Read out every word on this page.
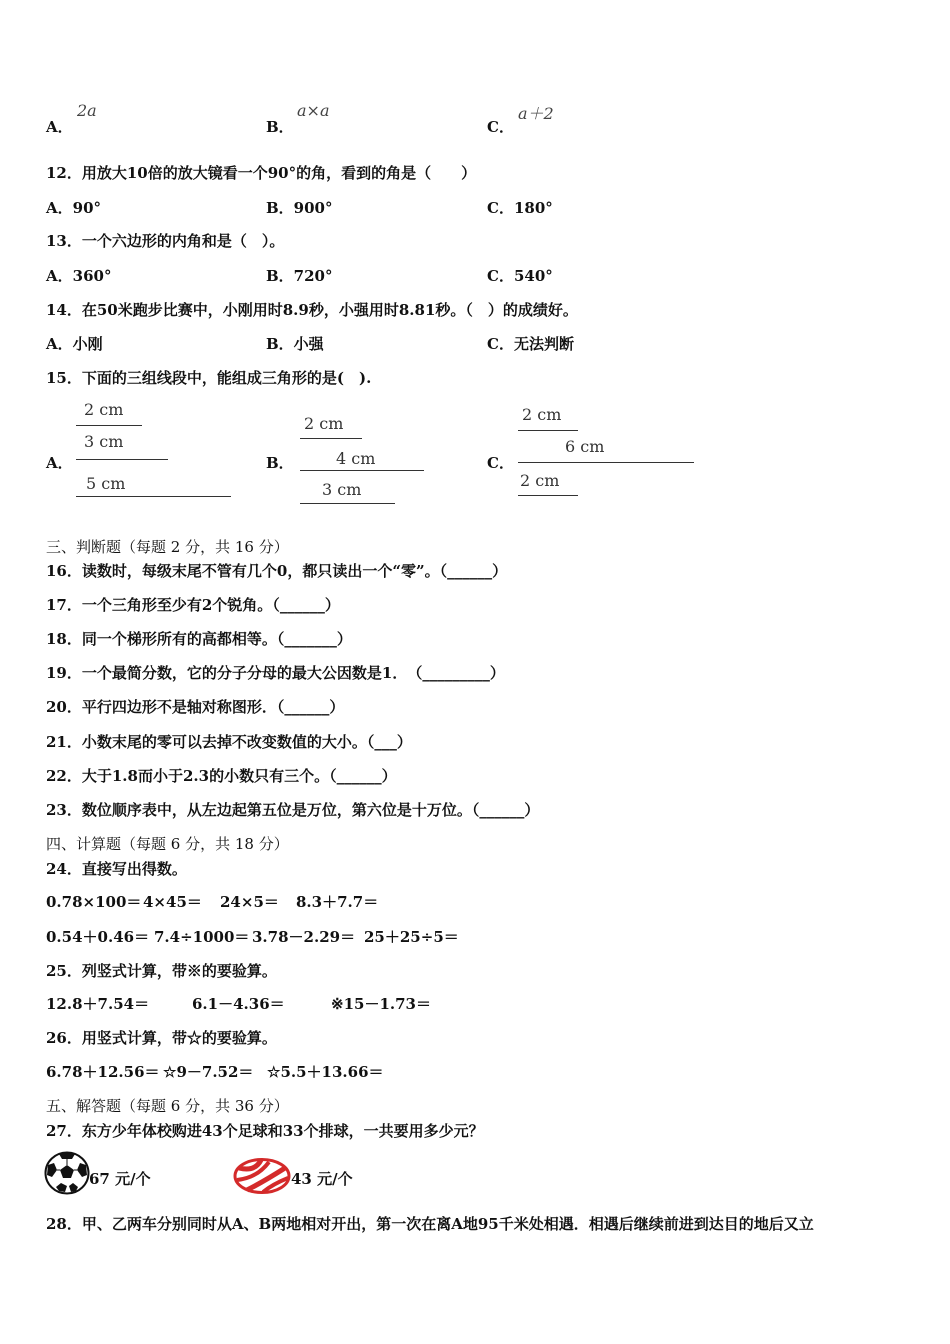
A．
2a
B．
a×a
C．
a＋2
12．用放大10倍的放大镜看一个90°的角，看到的角是（　　）
A．90°	B．900°	C．180°
13．一个六边形的内角和是（　）。
A．360°	B．720°	C．540°
14．在50米跑步比赛中，小刚用时8.9秒，小强用时8.81秒。（　）的成绩好。
A．小刚	B．小强	C．无法判断
15．下面的三组线段中，能组成三角形的是(　).
A．
2 cm
3 cm
5 cm
B．
2 cm
4 cm
3 cm
C．
2 cm
6 cm
2 cm
三、判断题（每题 2 分，共 16 分）
16．读数时，每级末尾不管有几个0，都只读出一个“零”。（______）
17．一个三角形至少有2个锐角。（______）
18．同一个梯形所有的高都相等。（_______）
19．一个最简分数，它的分子分母的最大公因数是1．　（_________）
20．平行四边形不是轴对称图形．（______）
21．小数末尾的零可以去掉不改变数值的大小。（___）
22．大于1.8而小于2.3的小数只有三个。（______）
23．数位顺序表中，从左边起第五位是万位，第六位是十万位。（______）
四、计算题（每题 6 分，共 18 分）
24．直接写出得数。
0.78×100＝ 4×45＝ 24×5＝ 8.3＋7.7＝
0.54＋0.46＝ 7.4÷1000＝ 3.78－2.29＝ 25＋25÷5＝
25．列竖式计算，带※的要验算。
12.8＋7.54＝	6.1－4.36＝	※15－1.73＝
26．用竖式计算，带☆的要验算。
6.78＋12.56＝ ☆9－7.52＝ ☆5.5＋13.66＝
五、解答题（每题 6 分，共 36 分）
27．东方少年体校购进43个足球和33个排球，一共要用多少元？
67 元/个	43 元/个
28．甲、乙两车分别同时从A、B两地相对开出，第一次在离A地95千米处相遇．相遇后继续前进到达目的地后又立
